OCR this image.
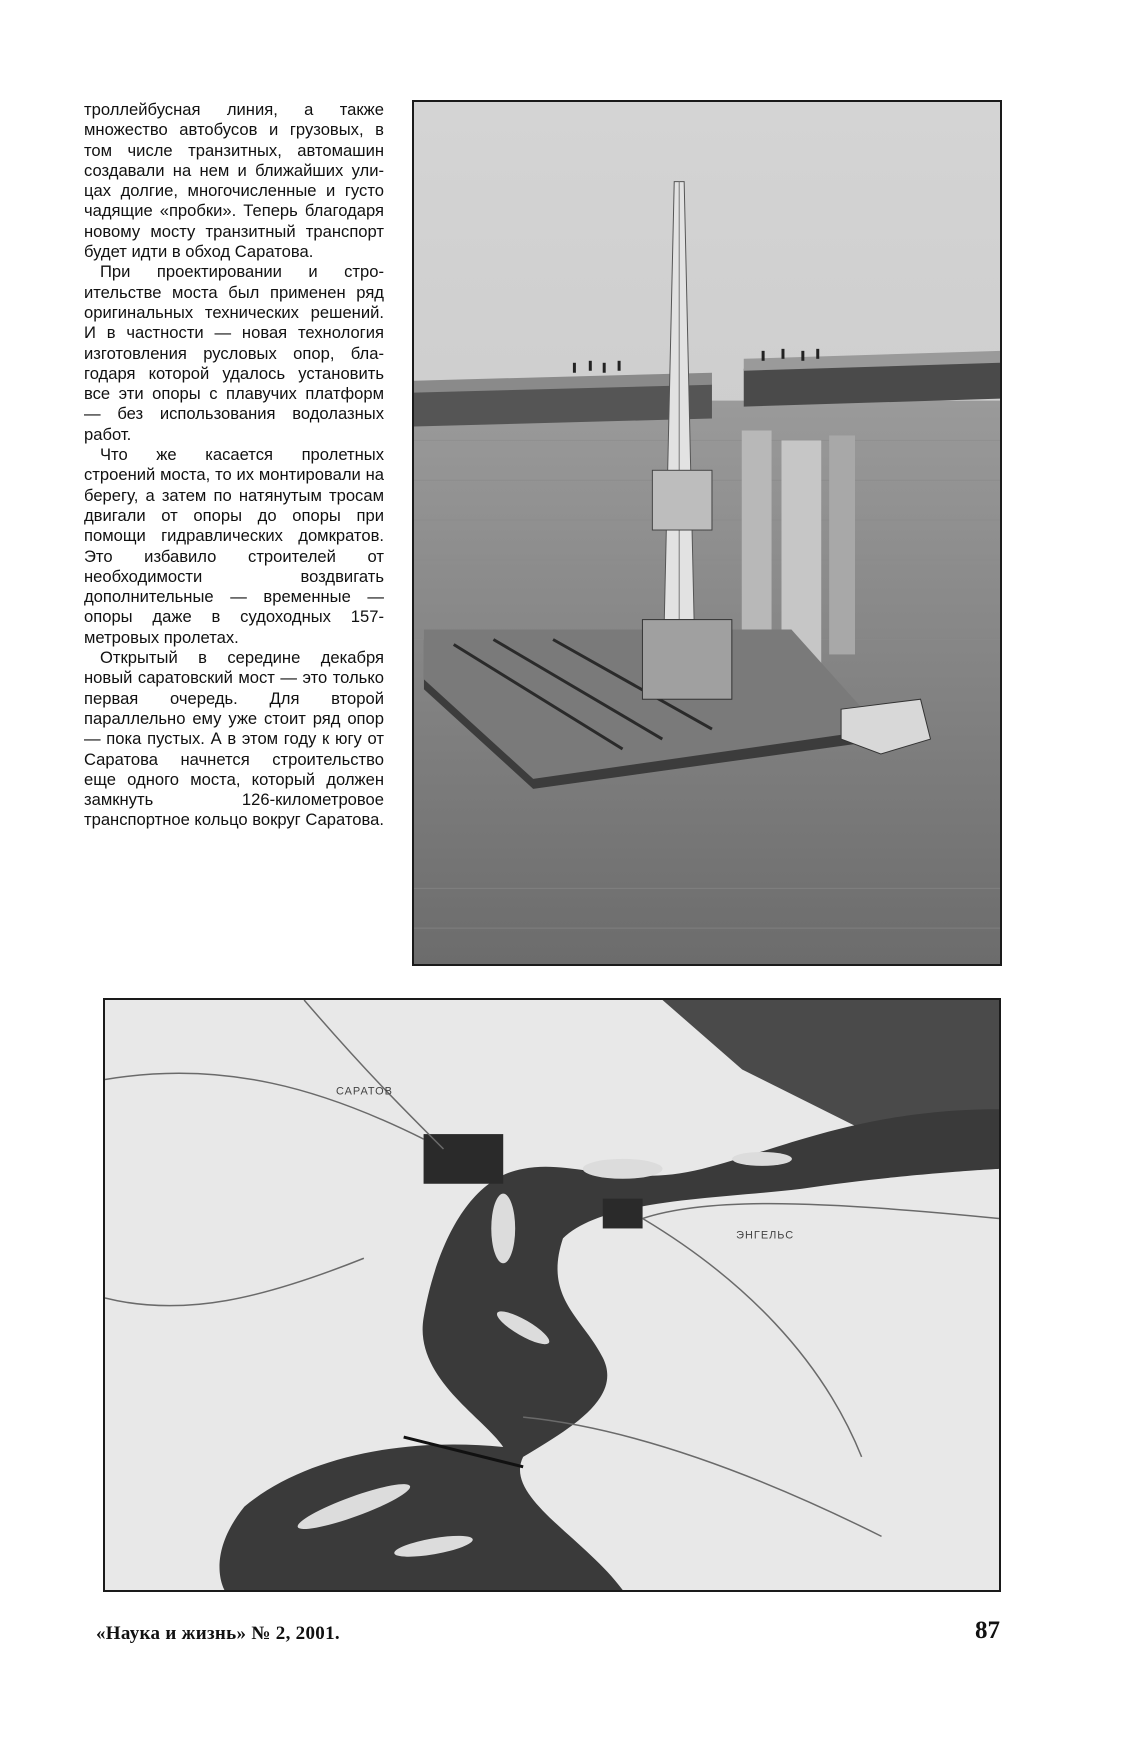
троллейбусная линия, а также множество автобусов и грузовых, в том числе транзитных, автомашин создавали на нем и ближайших улицах долгие, многочисленные и густо чадящие «пробки». Теперь благодаря новому мосту транзитный транспорт будет идти в обход Саратова.

При проектировании и строительстве моста был применен ряд оригинальных технических решений. И в частности — новая технология изготовления русловых опор, благодаря которой удалось установить все эти опоры с плавучих платформ — без использования водолазных работ.

Что же касается пролетных строений моста, то их монтировали на берегу, а затем по натянутым тросам двигали от опоры до опоры при помощи гидравлических домкратов. Это избавило строителей от необходимости воздвигать дополнительные — временные — опоры даже в судоходных 157-метровых пролетах.

Открытый в середине декабря новый саратовский мост — это только первая очередь. Для второй параллельно ему уже стоит ряд опор — пока пустых. А в этом году к югу от Саратова начнется строительство еще одного моста, который должен замкнуть 126-километровое транспортное кольцо вокруг Саратова.

САРАТОВ
ЭНГЕЛЬС
«Наука и жизнь» № 2, 2001.	87
